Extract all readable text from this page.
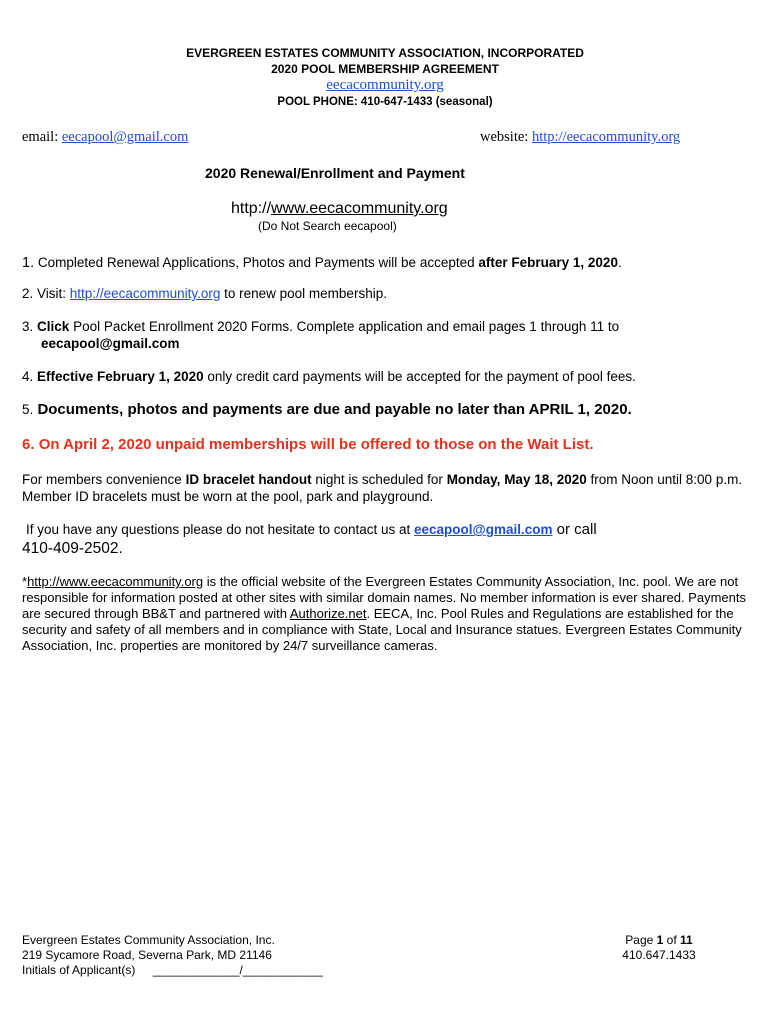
EVERGREEN ESTATES COMMUNITY ASSOCIATION, INCORPORATED
2020 POOL MEMBERSHIP AGREEMENT
eecacommunity.org
POOL PHONE: 410-647-1433 (seasonal)
email: eecapool@gmail.com	website: http://eecacommunity.org
2020 Renewal/Enrollment and Payment
http://www.eecacommunity.org
(Do Not Search eecapool)
1. Completed Renewal Applications, Photos and Payments will be accepted after February 1, 2020.
2. Visit: http://eecacommunity.org to renew pool membership.
3. Click Pool Packet Enrollment 2020 Forms. Complete application and email pages 1 through 11 to
eecapool@gmail.com
4. Effective February 1, 2020 only credit card payments will be accepted for the payment of pool fees.
5. Documents, photos and payments are due and payable no later than APRIL 1, 2020.
6. On April 2, 2020 unpaid memberships will be offered to those on the Wait List.
For members convenience ID bracelet handout night is scheduled for Monday, May 18, 2020 from Noon until 8:00 p.m. Member ID bracelets must be worn at the pool, park and playground.
If you have any questions please do not hesitate to contact us at eecapool@gmail.com or call
410-409-2502.
*http://www.eecacommunity.org is the official website of the Evergreen Estates Community Association, Inc. pool. We are not responsible for information posted at other sites with similar domain names. No member information is ever shared. Payments are secured through BB&T and partnered with Authorize.net. EECA, Inc. Pool Rules and Regulations are established for the security and safety of all members and in compliance with State, Local and Insurance statues. Evergreen Estates Community Association, Inc. properties are monitored by 24/7 surveillance cameras.
Evergreen Estates Community Association, Inc.
219 Sycamore Road, Severna Park, MD 21146
Initials of Applicant(s) _____________/____________
Page 1 of 11
410.647.1433
